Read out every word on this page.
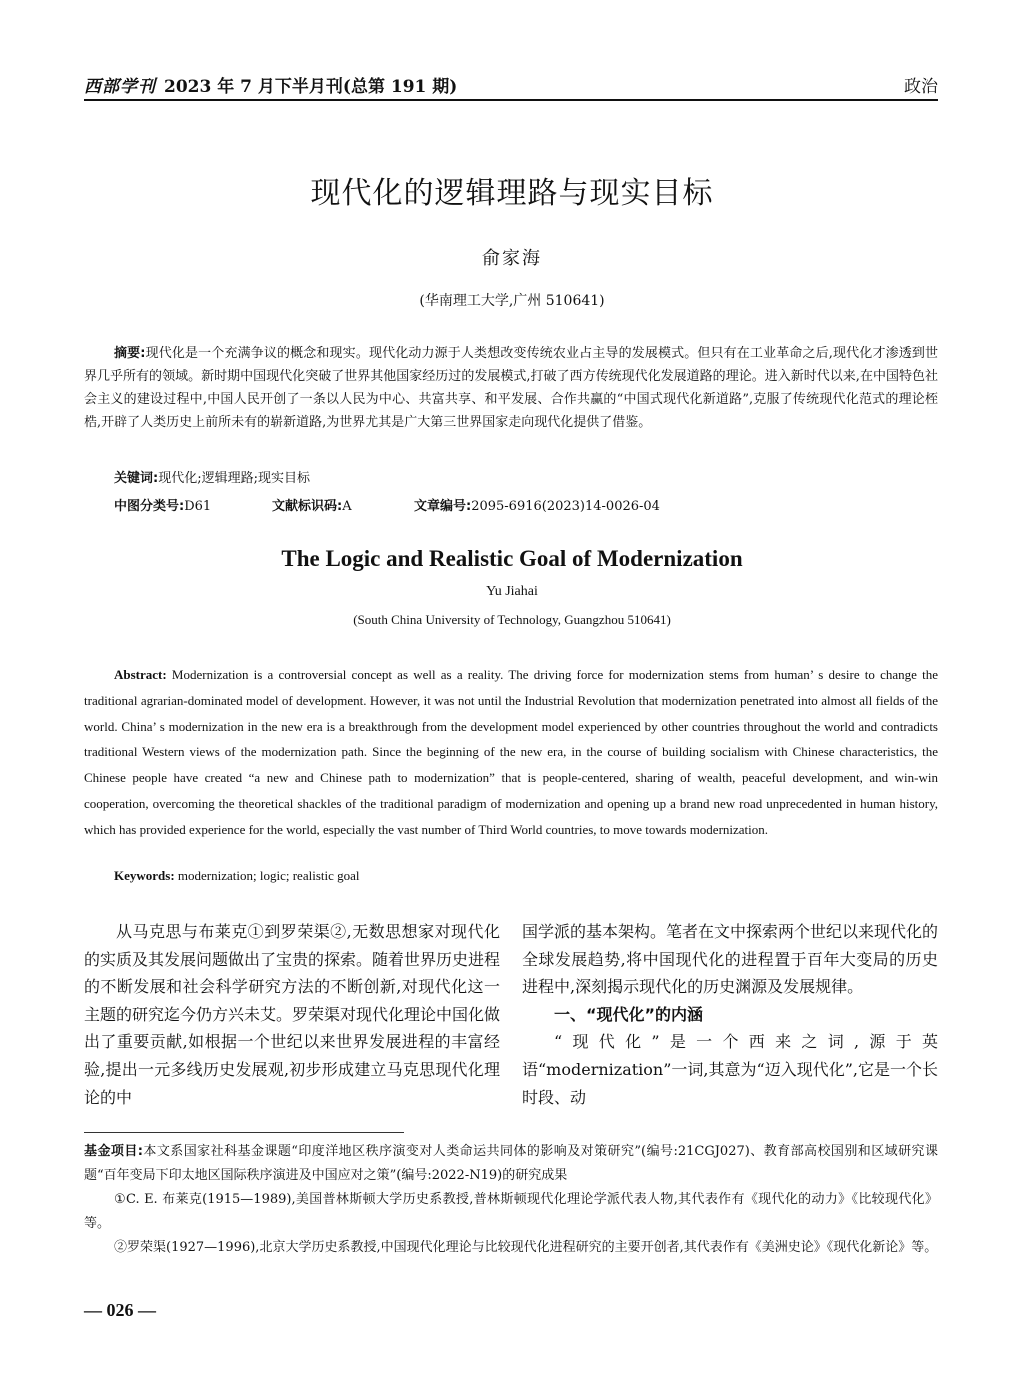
西部学刊 2023 年 7 月下半月刊(总第 191 期)	政治
现代化的逻辑理路与现实目标
俞家海
(华南理工大学,广州 510641)
摘要:现代化是一个充满争议的概念和现实。现代化动力源于人类想改变传统农业占主导的发展模式。但只有在工业革命之后,现代化才渗透到世界几乎所有的领域。新时期中国现代化突破了世界其他国家经历过的发展模式,打破了西方传统现代化发展道路的理论。进入新时代以来,在中国特色社会主义的建设过程中,中国人民开创了一条以人民为中心、共富共享、和平发展、合作共赢的“中国式现代化新道路”,克服了传统现代化范式的理论桎梏,开辟了人类历史上前所未有的崭新道路,为世界尤其是广大第三世界国家走向现代化提供了借鉴。
关键词:现代化;逻辑理路;现实目标
中图分类号:D61	文献标识码:A	文章编号:2095-6916(2023)14-0026-04
The Logic and Realistic Goal of Modernization
Yu Jiahai
(South China University of Technology, Guangzhou 510641)
Abstract: Modernization is a controversial concept as well as a reality. The driving force for modernization stems from human’ s desire to change the traditional agrarian-dominated model of development. However, it was not until the Industrial Revolution that modernization penetrated into almost all fields of the world. China’ s modernization in the new era is a breakthrough from the development model experienced by other countries throughout the world and contradicts traditional Western views of the modernization path. Since the beginning of the new era, in the course of building socialism with Chinese characteristics, the Chinese people have created “a new and Chinese path to modernization” that is people-centered, sharing of wealth, peaceful development, and win-win cooperation, overcoming the theoretical shackles of the traditional paradigm of modernization and opening up a brand new road unprecedented in human history, which has provided experience for the world, especially the vast number of Third World countries, to move towards modernization.
Keywords: modernization; logic; realistic goal

从马克思与布莱克①到罗荣渠②,无数思想家对现代化的实质及其发展问题做出了宝贵的探索。随着世界历史进程的不断发展和社会科学研究方法的不断创新,对现代化这一主题的研究迄今仍方兴未艾。罗荣渠对现代化理论中国化做出了重要贡献,如根据一个世纪以来世界发展进程的丰富经验,提出一元多线历史发展观,初步形成建立马克思现代化理论的中

国学派的基本架构。笔者在文中探索两个世纪以来现代化的全球发展趋势,将中国现代化的进程置于百年大变局的历史进程中,深刻揭示现代化的历史渊源及发展规律。

一、“现代化”的内涵

“现代化”是一个西来之词,源于英语“modernization”一词,其意为“迈入现代化”,它是一个长时段、动

基金项目:本文系国家社科基金课题“印度洋地区秩序演变对人类命运共同体的影响及对策研究”(编号:21CGJ027)、教育部高校国别和区域研究课题“百年变局下印太地区国际秩序演进及中国应对之策”(编号:2022-N19)的研究成果

①C. E. 布莱克(1915—1989),美国普林斯顿大学历史系教授,普林斯顿现代化理论学派代表人物,其代表作有《现代化的动力》《比较现代化》等。

②罗荣渠(1927—1996),北京大学历史系教授,中国现代化理论与比较现代化进程研究的主要开创者,其代表作有《美洲史论》《现代化新论》等。

— 026 —
